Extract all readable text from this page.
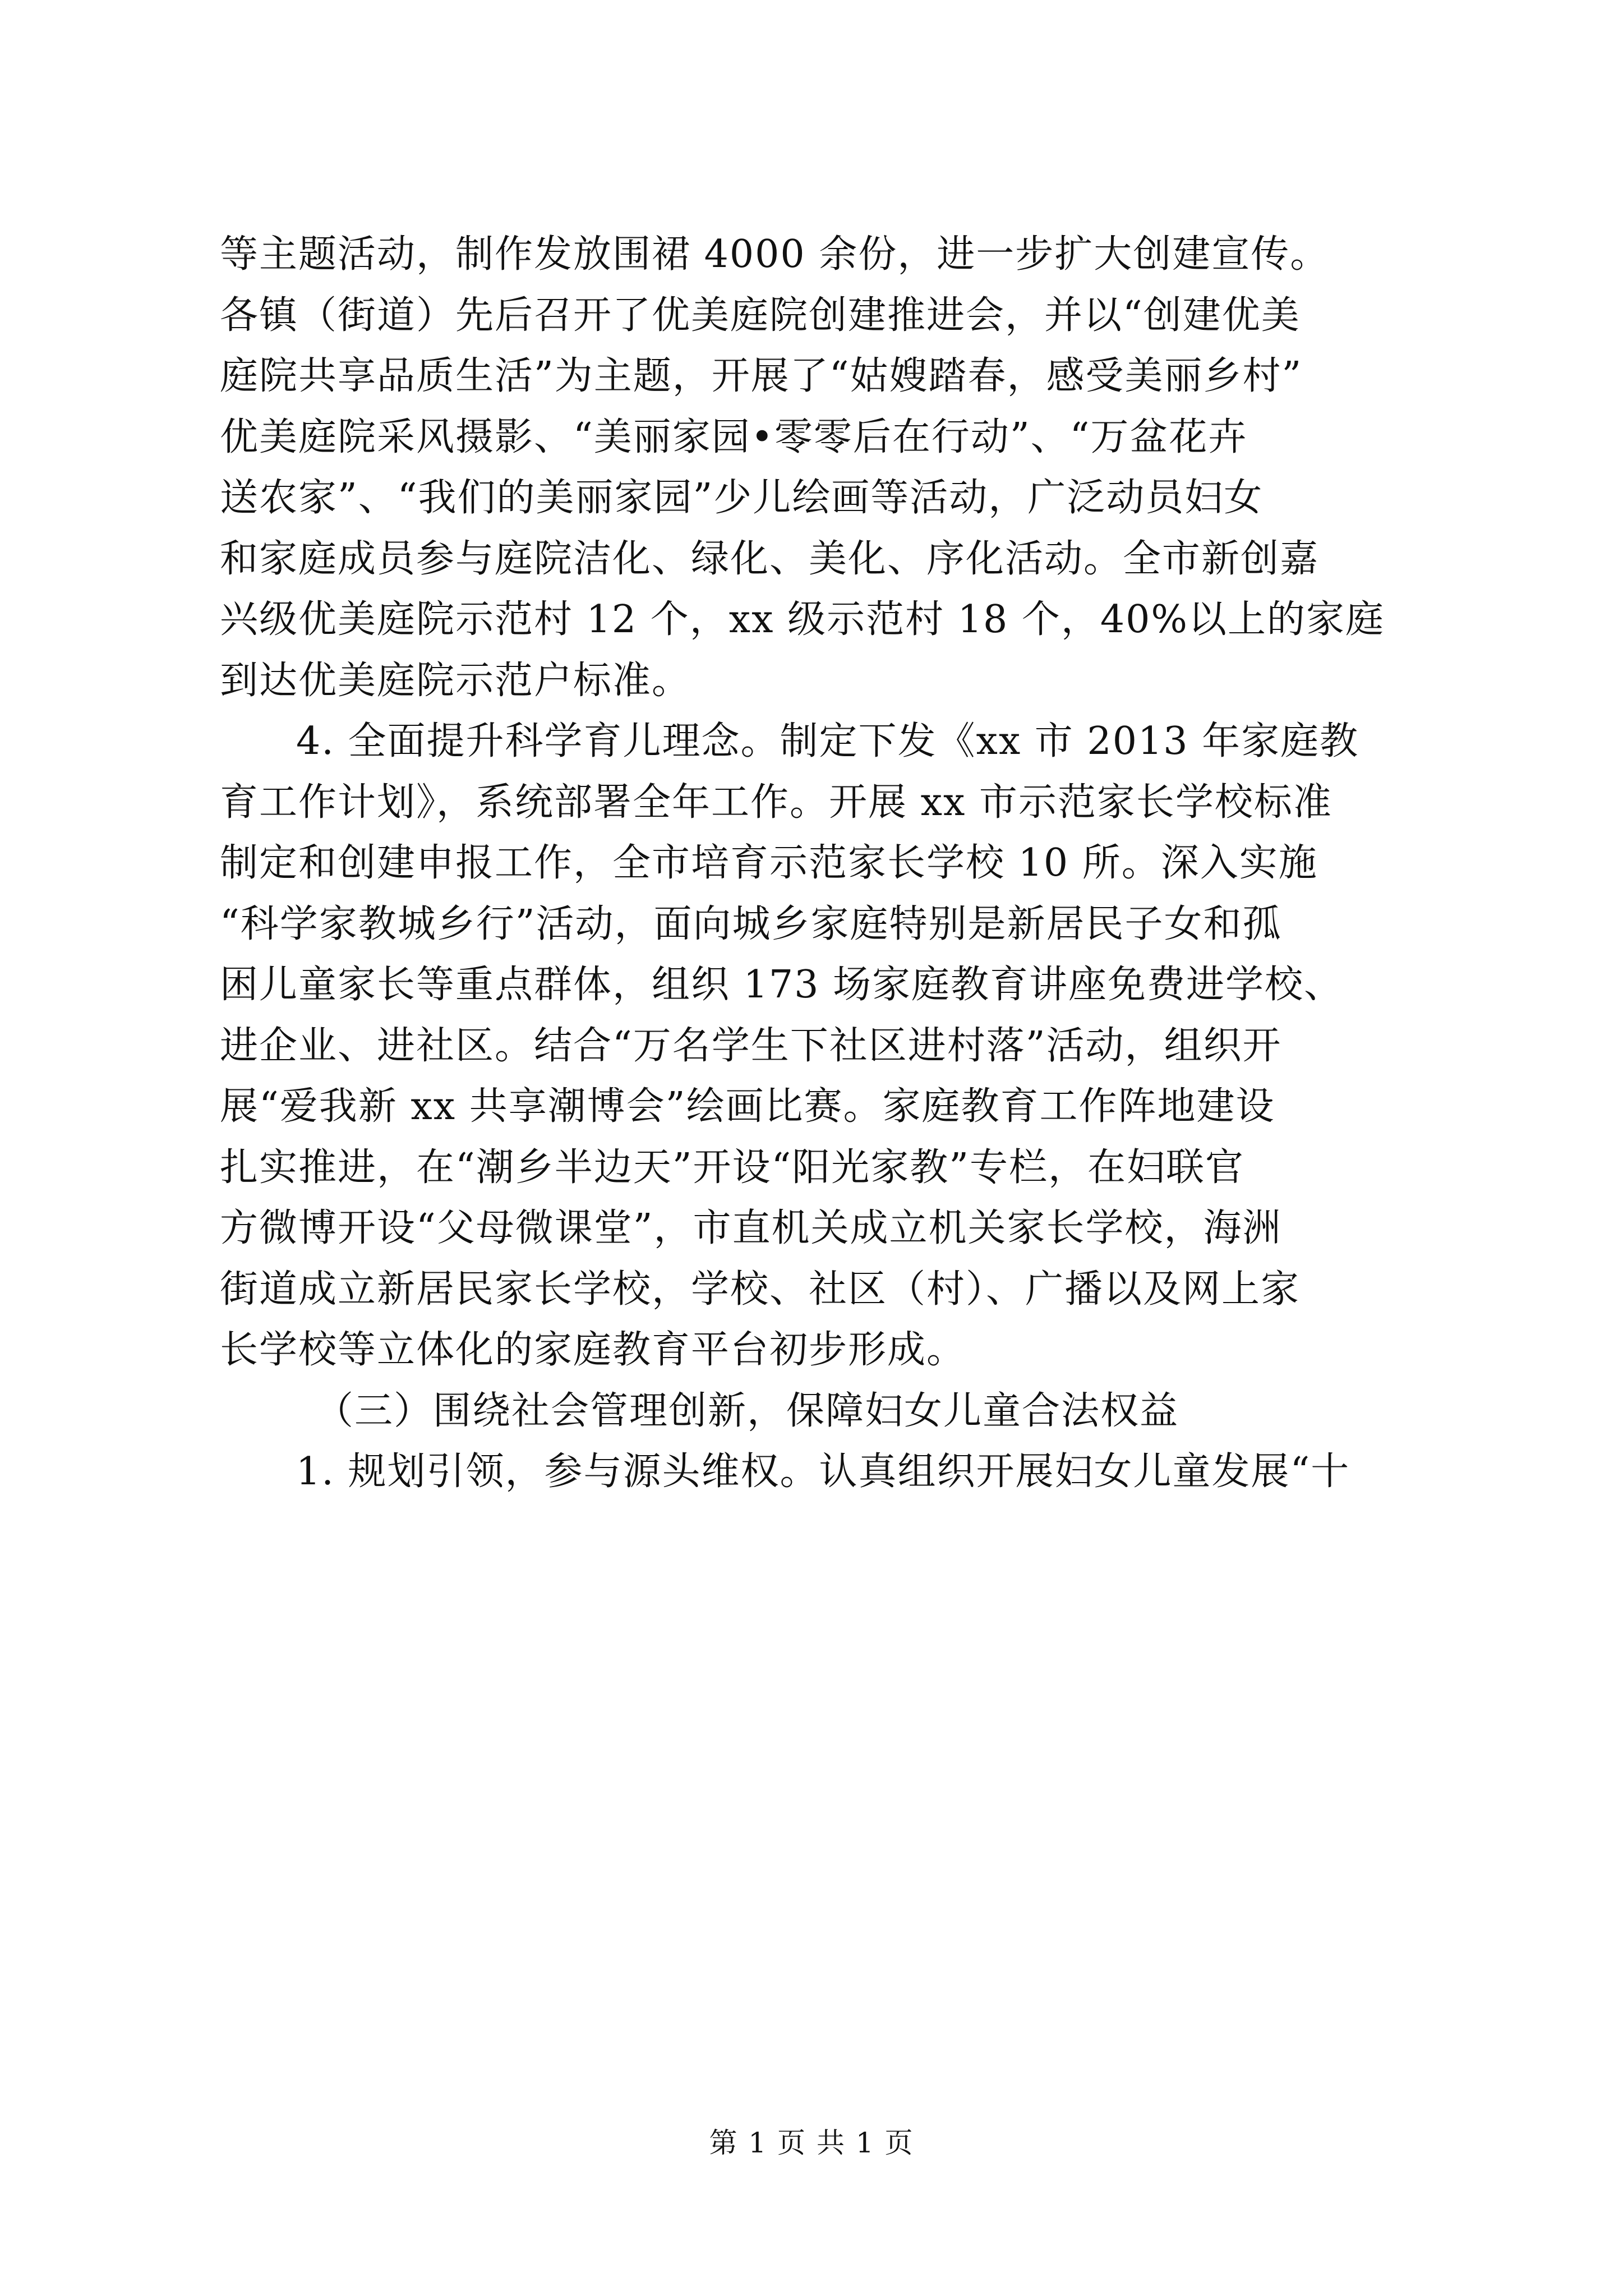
等主题活动，制作发放围裙 4000 余份，进一步扩大创建宣传。
各镇（街道）先后召开了优美庭院创建推进会，并以“创建优美
庭院共享品质生活”为主题，开展了“姑嫂踏春，感受美丽乡村”
优美庭院采风摄影、“美丽家园•零零后在行动”、“万盆花卉
送农家”、“我们的美丽家园”少儿绘画等活动，广泛动员妇女
和家庭成员参与庭院洁化、绿化、美化、序化活动。全市新创嘉
兴级优美庭院示范村 12 个，xx 级示范村 18 个，40%以上的家庭
到达优美庭院示范户标准。
4. 全面提升科学育儿理念。制定下发《xx 市 2013 年家庭教
育工作计划》，系统部署全年工作。开展 xx 市示范家长学校标准
制定和创建申报工作，全市培育示范家长学校 10 所。深入实施
“科学家教城乡行”活动，面向城乡家庭特别是新居民子女和孤
困儿童家长等重点群体，组织 173 场家庭教育讲座免费进学校、
进企业、进社区。结合“万名学生下社区进村落”活动，组织开
展“爱我新 xx 共享潮博会”绘画比赛。家庭教育工作阵地建设
扎实推进，在“潮乡半边天”开设“阳光家教”专栏，在妇联官
方微博开设“父母微课堂”，市直机关成立机关家长学校，海洲
街道成立新居民家长学校，学校、社区（村）、广播以及网上家
长学校等立体化的家庭教育平台初步形成。
（三）围绕社会管理创新，保障妇女儿童合法权益
1. 规划引领，参与源头维权。认真组织开展妇女儿童发展“十
第 1 页 共 1 页
